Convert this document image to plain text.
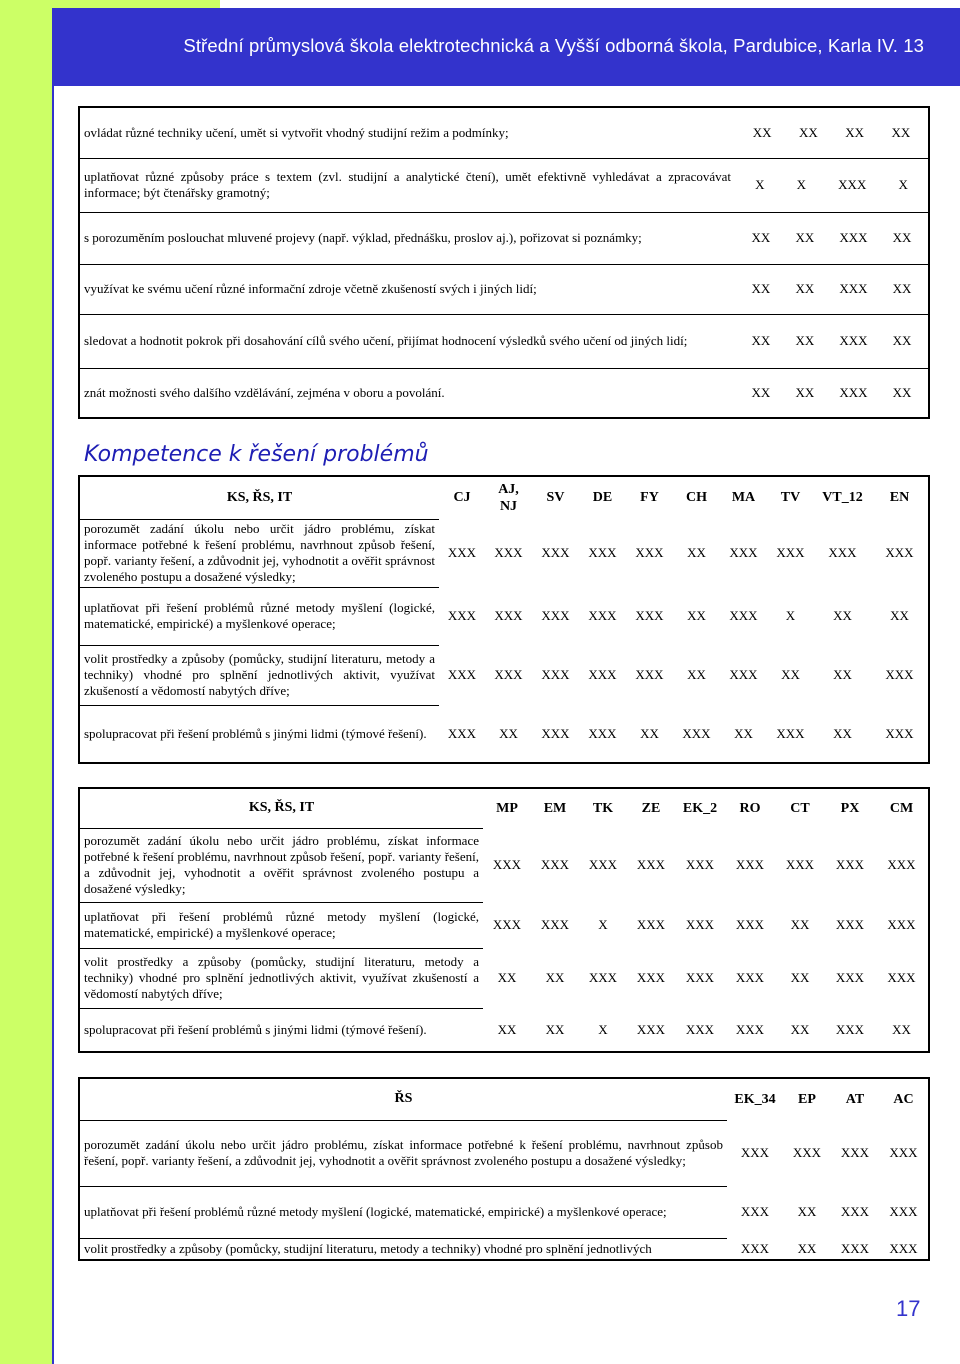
Střední průmyslová škola elektrotechnická a Vyšší odborná škola, Pardubice, Karla IV. 13
ovládat různé techniky učení, umět si vytvořit vhodný studijní režim a podmínky;	XX XX XX XX

uplatňovat různé způsoby práce s textem (zvl. studijní a analytické čtení), umět efektivně vyhledávat a zpracovávat informace; být čtenářsky gramotný;	X X XXX X

s porozuměním poslouchat mluvené projevy (např. výklad, přednášku, proslov aj.), pořizovat si poznámky;	XX XX XXX XX

využívat ke svému učení různé informační zdroje včetně zkušeností svých i jiných lidí;	XX XX XXX XX

sledovat a hodnotit pokrok při dosahování cílů svého učení, přijímat hodnocení výsledků svého učení od jiných lidí;	XX XX XXX XX

znát možnosti svého dalšího vzdělávání, zejména v oboru a povolání.	XX XX XXX XX
Kompetence k řešení problémů
KS, ŘS, IT	CJ	AJ, NJ	SV	DE	FY	CH	MA	TV	VT_12	EN
porozumět zadání úkolu nebo určit jádro problému, získat informace potřebné k řešení problému, navrhnout způsob řešení, popř. varianty řešení, a zdůvodnit jej, vyhodnotit a ověřit správnost zvoleného postupu a dosažené výsledky;	XXX	XXX	XXX	XXX	XXX	XX	XXX	XXX	XXX	XXX
uplatňovat při řešení problémů různé metody myšlení (logické, matematické, empirické) a myšlenkové operace;	XXX	XXX	XXX	XXX	XXX	XX	XXX	X	XX	XX
volit prostředky a způsoby (pomůcky, studijní literaturu, metody a techniky) vhodné pro splnění jednotlivých aktivit, využívat zkušeností a vědomostí nabytých dříve;	XXX	XXX	XXX	XXX	XXX	XX	XXX	XX	XX	XXX
spolupracovat při řešení problémů s jinými lidmi (týmové řešení).	XXX	XX	XXX	XXX	XX	XXX	XX	XXX	XX	XXX
KS, ŘS, IT	MP	EM	TK	ZE	EK_2	RO	CT	PX	CM
porozumět zadání úkolu nebo určit jádro problému, získat informace potřebné k řešení problému, navrhnout způsob řešení, popř. varianty řešení, a zdůvodnit jej, vyhodnotit a ověřit správnost zvoleného postupu a dosažené výsledky;	XXX	XXX	XXX	XXX	XXX	XXX	XXX	XXX	XXX
uplatňovat při řešení problémů různé metody myšlení (logické, matematické, empirické) a myšlenkové operace;	XXX	XXX	X	XXX	XXX	XXX	XX	XXX	XXX
volit prostředky a způsoby (pomůcky, studijní literaturu, metody a techniky) vhodné pro splnění jednotlivých aktivit, využívat zkušeností a vědomostí nabytých dříve;	XX	XX	XXX	XXX	XXX	XXX	XX	XXX	XXX
spolupracovat při řešení problémů s jinými lidmi (týmové řešení).	XX	XX	X	XXX	XXX	XXX	XX	XXX	XX
ŘS	EK_34	EP	AT	AC
porozumět zadání úkolu nebo určit jádro problému, získat informace potřebné k řešení problému, navrhnout způsob řešení, popř. varianty řešení, a zdůvodnit jej, vyhodnotit a ověřit správnost zvoleného postupu a dosažené výsledky;	XXX	XXX	XXX	XXX
uplatňovat při řešení problémů různé metody myšlení (logické, matematické, empirické) a myšlenkové operace;	XXX	XX	XXX	XXX
volit prostředky a způsoby (pomůcky, studijní literaturu, metody a techniky) vhodné pro splnění jednotlivých	XXX	XX	XXX	XXX
17
